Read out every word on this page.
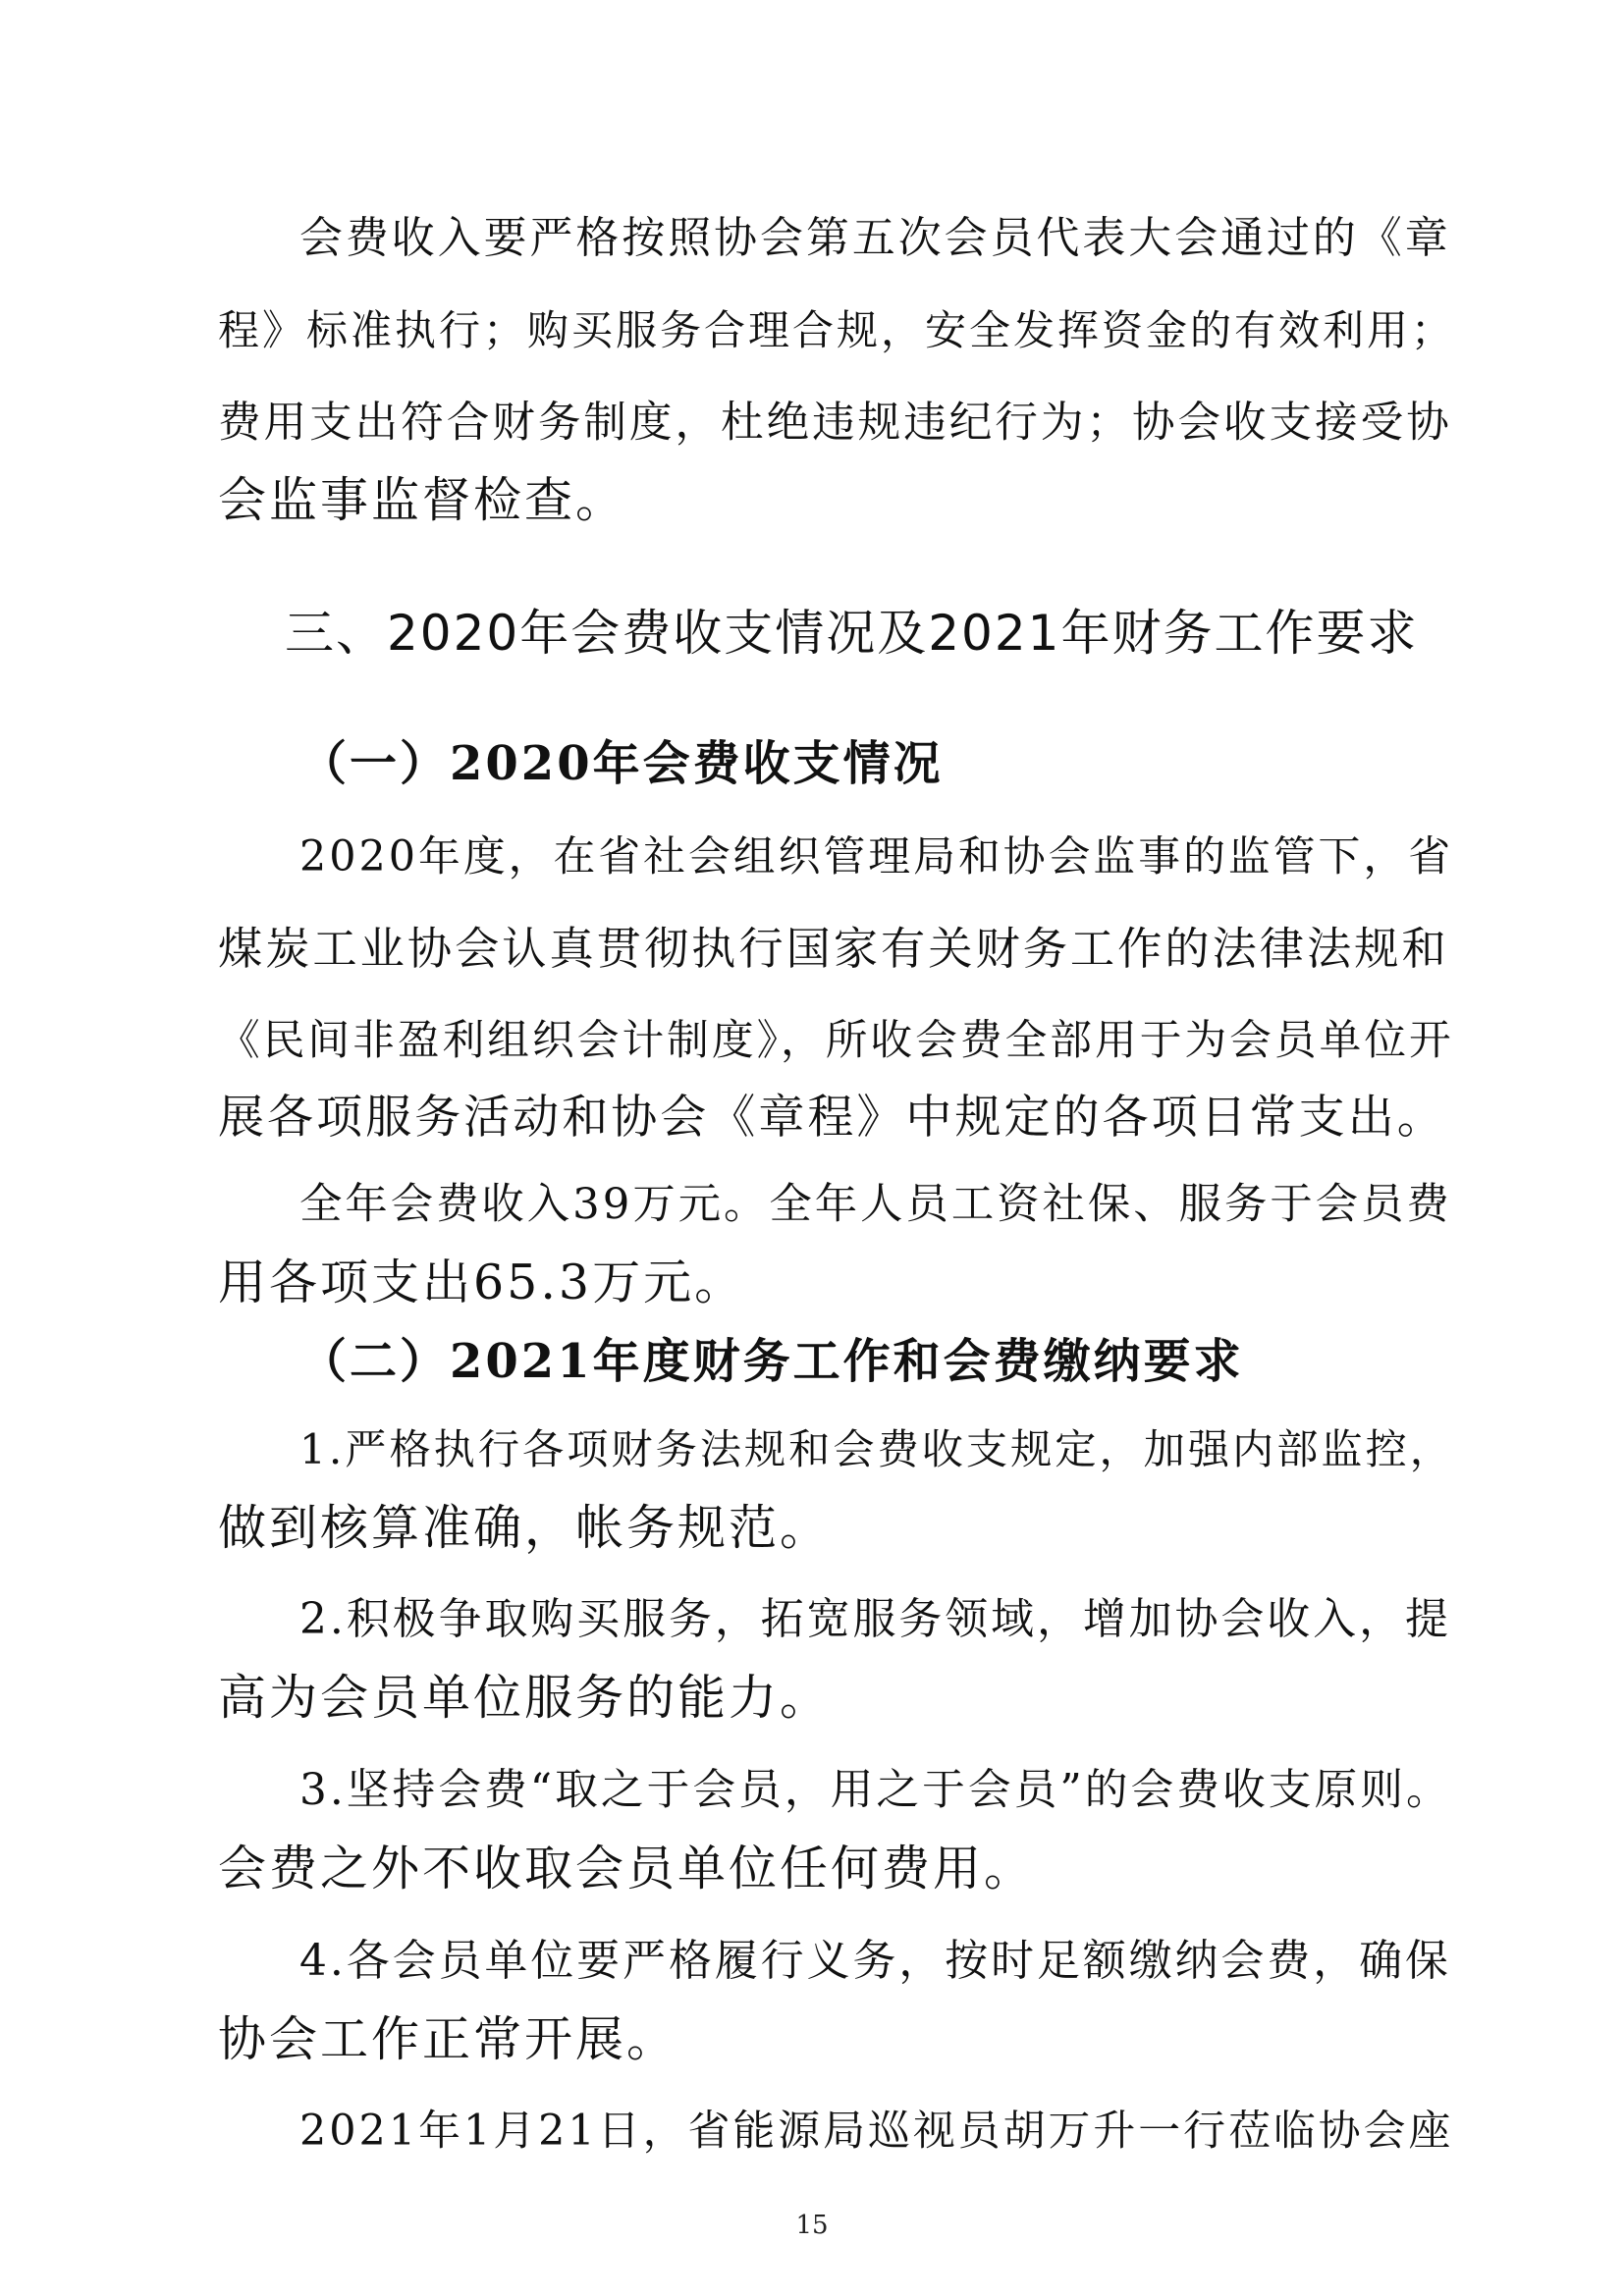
会费收入要严格按照协会第五次会员代表大会通过的《章
程》标准执行；购买服务合理合规，安全发挥资金的有效利用；
费用支出符合财务制度，杜绝违规违纪行为；协会收支接受协
会监事监督检查。
三、2020年会费收支情况及2021年财务工作要求
（一）2020年会费收支情况
2020年度，在省社会组织管理局和协会监事的监管下，省
煤炭工业协会认真贯彻执行国家有关财务工作的法律法规和
《民间非盈利组织会计制度》，所收会费全部用于为会员单位开
展各项服务活动和协会《章程》中规定的各项日常支出。
全年会费收入39万元。全年人员工资社保、服务于会员费
用各项支出65.3万元。
（二）2021年度财务工作和会费缴纳要求
1.严格执行各项财务法规和会费收支规定，加强内部监控，
做到核算准确，帐务规范。
2.积极争取购买服务，拓宽服务领域，增加协会收入，提
高为会员单位服务的能力。
3.坚持会费“取之于会员，用之于会员”的会费收支原则。
会费之外不收取会员单位任何费用。
4.各会员单位要严格履行义务，按时足额缴纳会费，确保
协会工作正常开展。
2021年1月21日，省能源局巡视员胡万升一行莅临协会座
15
